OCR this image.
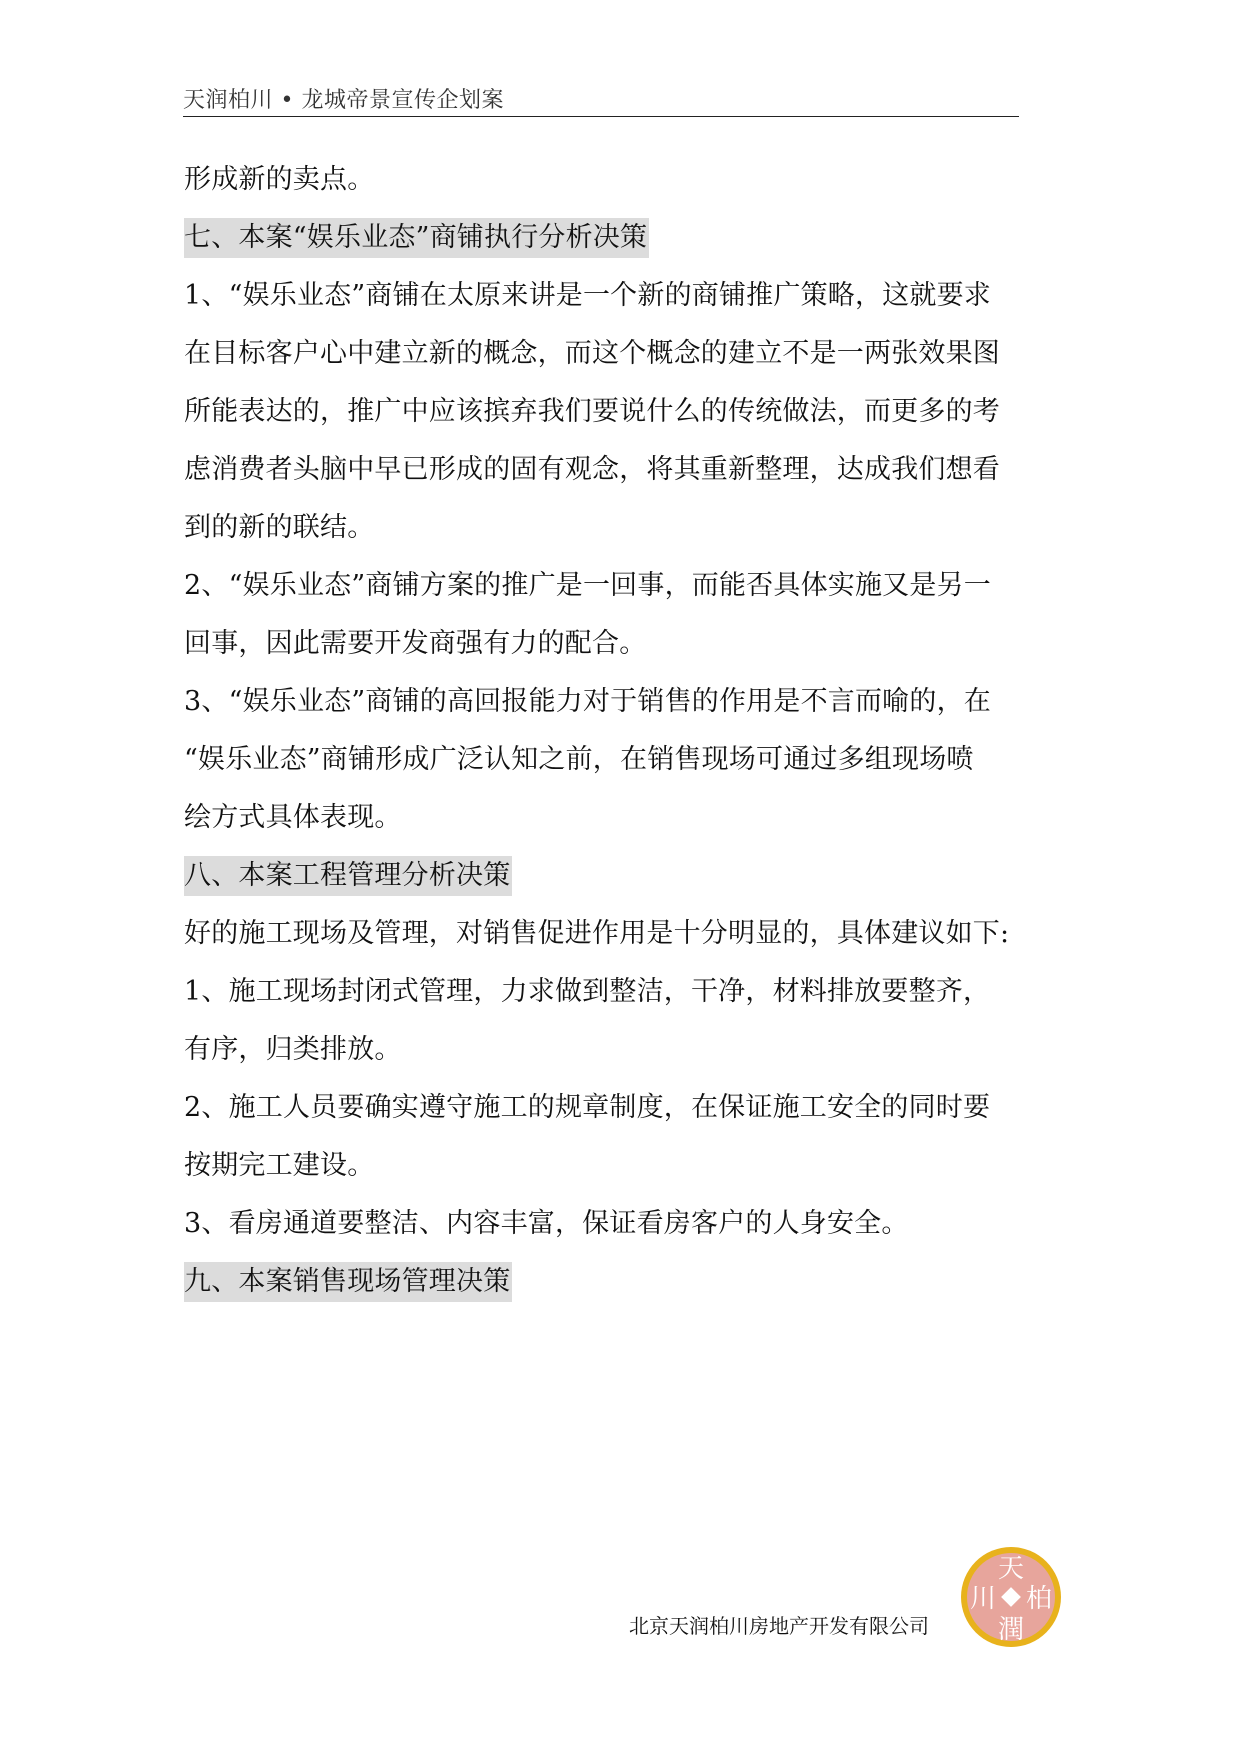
天润柏川 • 龙城帝景宣传企划案
形成新的卖点。
七、本案“娱乐业态”商铺执行分析决策
1、“娱乐业态”商铺在太原来讲是一个新的商铺推广策略，这就要求
在目标客户心中建立新的概念，而这个概念的建立不是一两张效果图
所能表达的，推广中应该摈弃我们要说什么的传统做法，而更多的考
虑消费者头脑中早已形成的固有观念，将其重新整理，达成我们想看
到的新的联结。
2、“娱乐业态”商铺方案的推广是一回事，而能否具体实施又是另一
回事，因此需要开发商强有力的配合。
3、“娱乐业态”商铺的高回报能力对于销售的作用是不言而喻的，在
“娱乐业态”商铺形成广泛认知之前，在销售现场可通过多组现场喷
绘方式具体表现。
八、本案工程管理分析决策
好的施工现场及管理，对销售促进作用是十分明显的，具体建议如下:
1、施工现场封闭式管理，力求做到整洁，干净，材料排放要整齐，
有序，归类排放。
2、施工人员要确实遵守施工的规章制度，在保证施工安全的同时要
按期完工建设。
3、看房通道要整洁、内容丰富，保证看房客户的人身安全。
九、本案销售现场管理决策
北京天润柏川房地产开发有限公司
天
川 柏
潤
